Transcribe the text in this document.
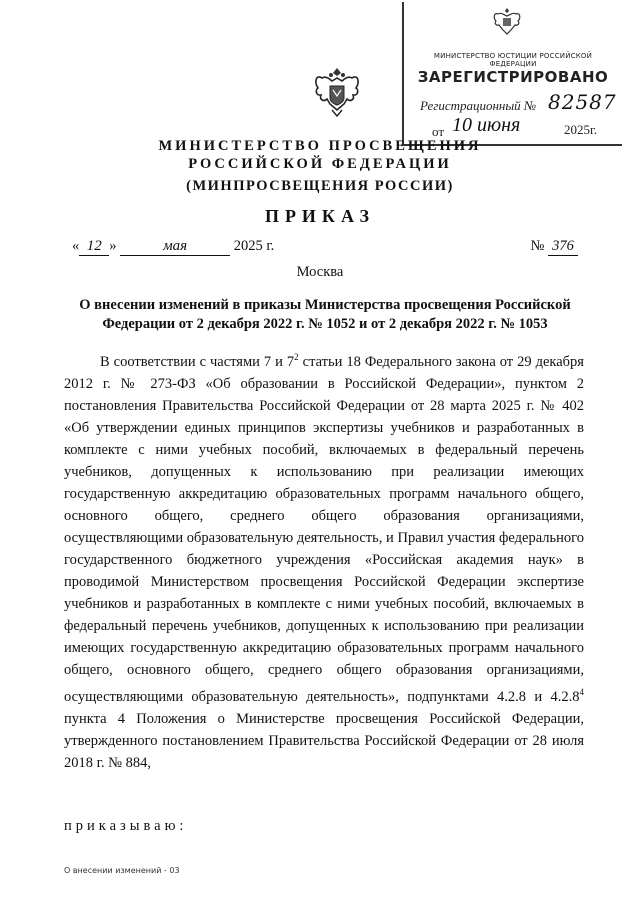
МИНИСТЕРСТВО ЮСТИЦИИ РОССИЙСКОЙ ФЕДЕРАЦИИ
ЗАРЕГИСТРИРОВАНО
Регистрационный № 82587
от 10 июня	2025г.
МИНИСТЕРСТВО ПРОСВЕЩЕНИЯ
РОССИЙСКОЙ ФЕДЕРАЦИИ
(МИНПРОСВЕЩЕНИЯ РОССИИ)
ПРИКАЗ
« 12 »	мая	2025 г.	№ 376
Москва
О внесении изменений в приказы Министерства просвещения Российской Федерации от 2 декабря 2022 г. № 1052 и от 2 декабря 2022 г. № 1053
В соответствии с частями 7 и $7^2$ статьи 18 Федерального закона от 29 декабря 2012 г. № 273-ФЗ «Об образовании в Российской Федерации», пунктом 2 постановления Правительства Российской Федерации от 28 марта 2025 г. № 402 «Об утверждении единых принципов экспертизы учебников и разработанных в комплекте с ними учебных пособий, включаемых в федеральный перечень учебников, допущенных к использованию при реализации имеющих государственную аккредитацию образовательных программ начального общего, основного общего, среднего общего образования организациями, осуществляющими образовательную деятельность, и Правил участия федерального государственного бюджетного учреждения «Российская академия наук» в проводимой Министерством просвещения Российской Федерации экспертизе учебников и разработанных в комплекте с ними учебных пособий, включаемых в федеральный перечень учебников, допущенных к использованию при реализации имеющих государственную аккредитацию образовательных программ начального общего, основного общего, среднего общего образования организациями, осуществляющими образовательную деятельность», подпунктами 4.2.8 и 4.2.8$^4$ пункта 4 Положения о Министерстве просвещения Российской Федерации, утвержденного постановлением Правительства Российской Федерации от 28 июля 2018 г. № 884,
приказываю:
О внесении изменений - 03
